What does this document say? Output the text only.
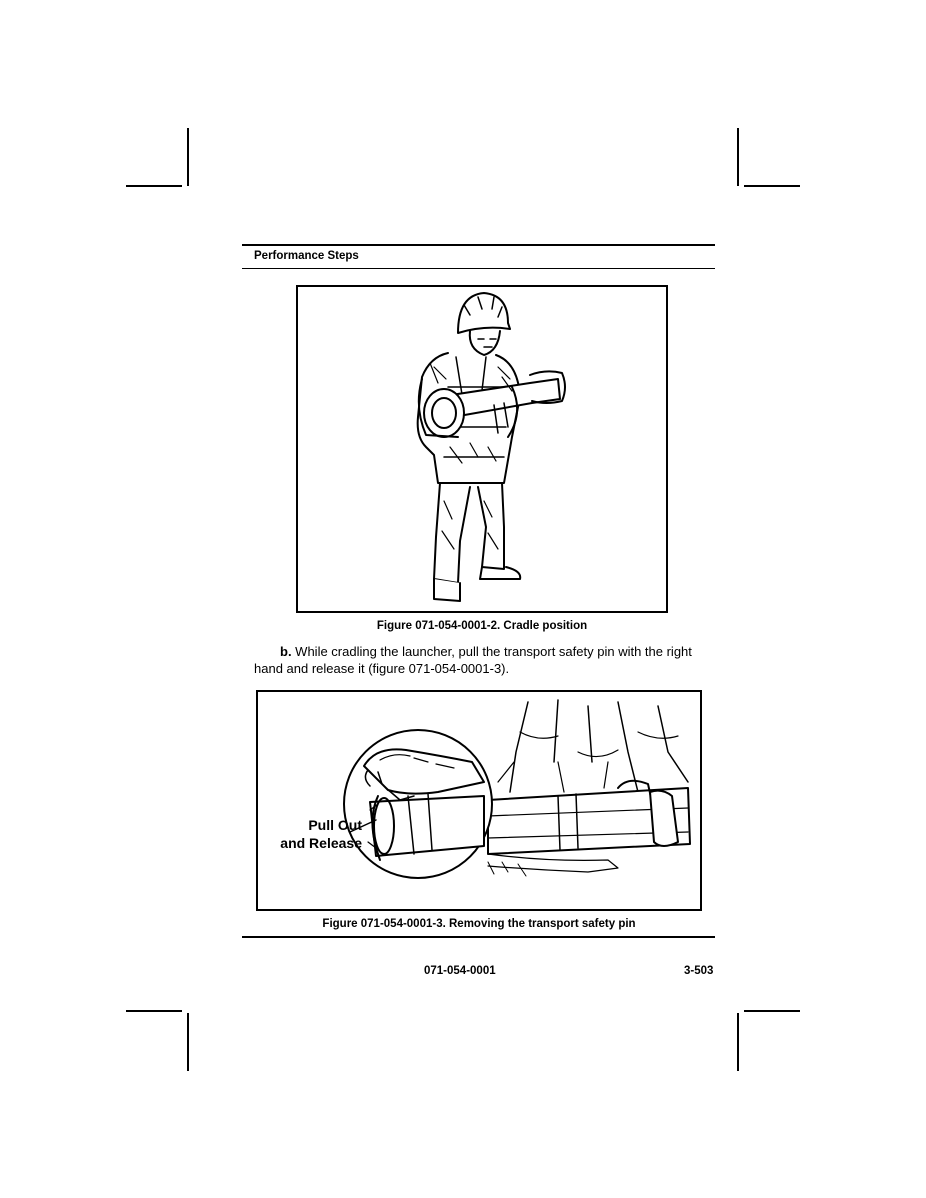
Performance Steps
Figure 071-054-0001-2. Cradle position
b. While cradling the launcher, pull the transport safety pin with the right hand and release it (figure 071-054-0001-3).
Pull Out
and Release
Figure 071-054-0001-3. Removing the transport safety pin
071-054-0001	3-503
